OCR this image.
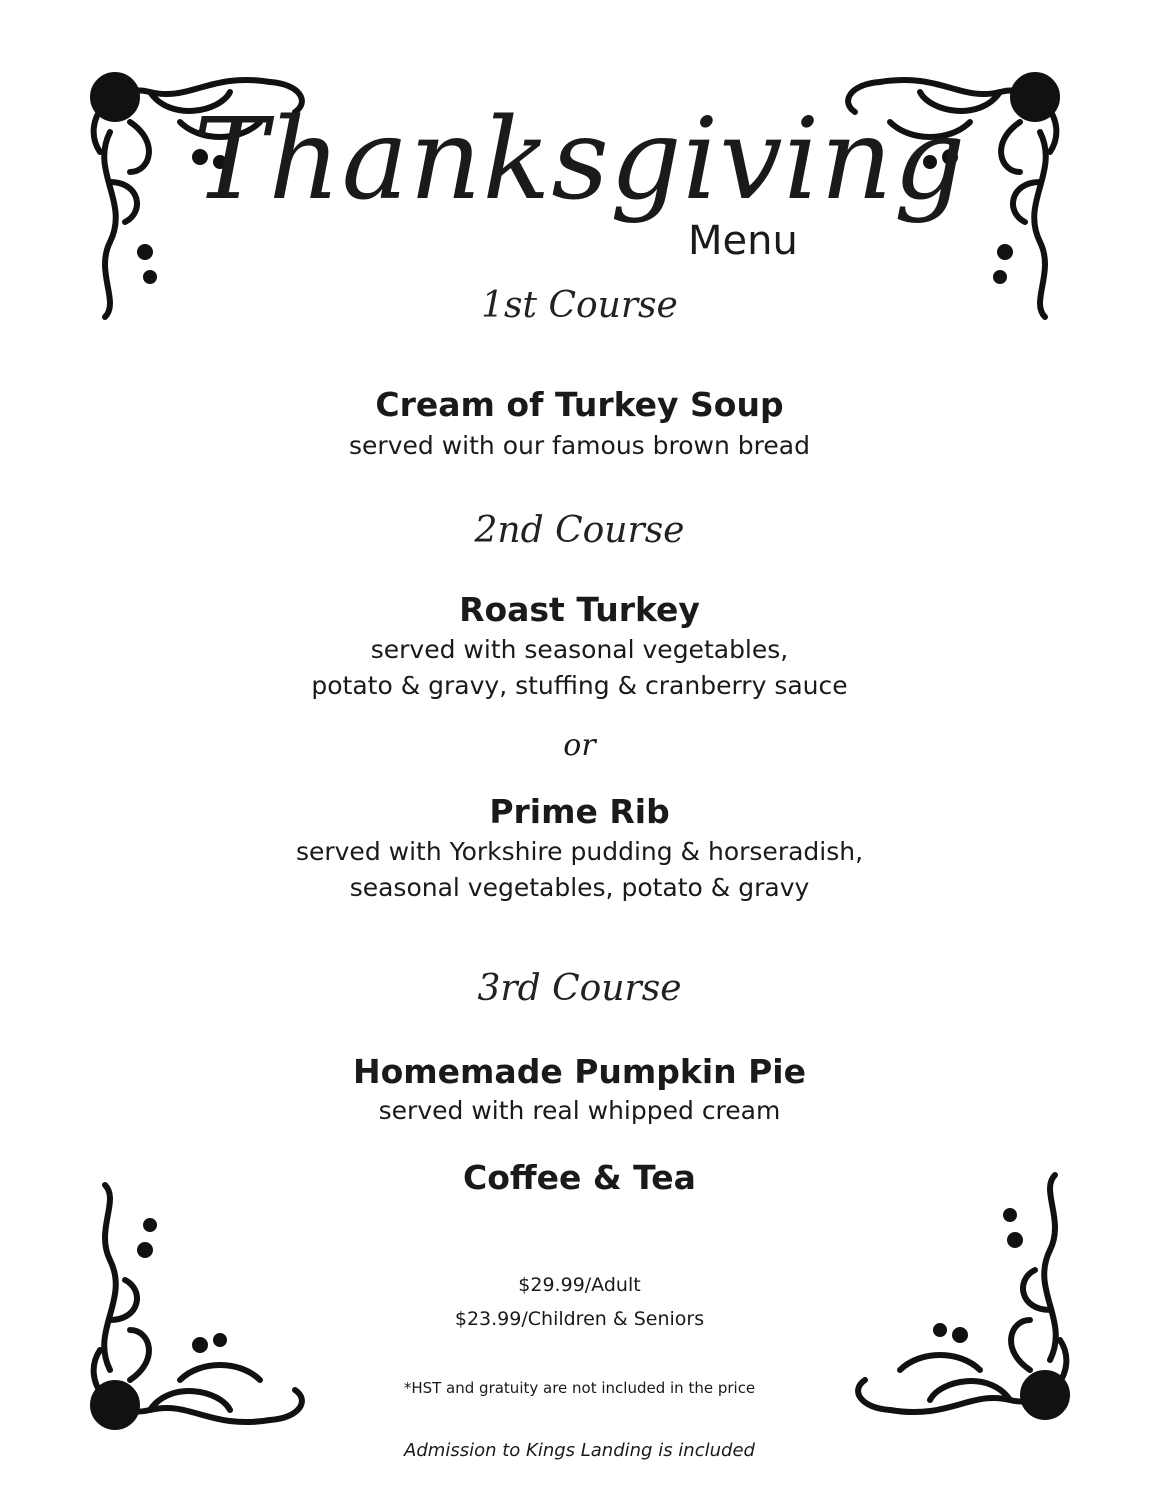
Thanksgiving
Menu
1st Course
Cream of Turkey Soup
served with our famous brown bread
2nd Course
Roast Turkey
served with seasonal vegetables,
potato & gravy, stuffing & cranberry sauce
or
Prime Rib
served with Yorkshire pudding & horseradish,
seasonal vegetables, potato & gravy
3rd Course
Homemade Pumpkin Pie
served with real whipped cream
Coffee & Tea
$29.99/Adult
$23.99/Children & Seniors
*HST and gratuity are not included in the price
Admission to Kings Landing is included
